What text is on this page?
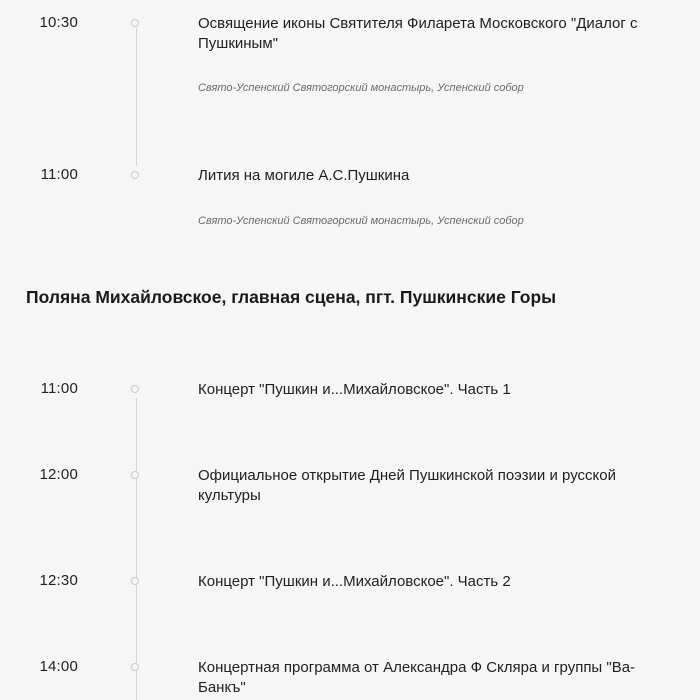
10:30	Освящение иконы Святителя Филарета Московского "Диалог с Пушкиным"
Свято-Успенский Святогорский монастырь, Успенский собор
11:00	Лития на могиле А.С.Пушкина
Свято-Успенский Святогорский монастырь, Успенский собор
Поляна Михайловское, главная сцена, пгт. Пушкинские Горы
11:00	Концерт "Пушкин и...Михайловское". Часть 1
12:00	Официальное открытие Дней Пушкинской поэзии и русской культуры
12:30	Концерт "Пушкин и...Михайловское". Часть 2
14:00	Концертная программа от Александра Ф Скляра и группы "Ва-Банкъ"
